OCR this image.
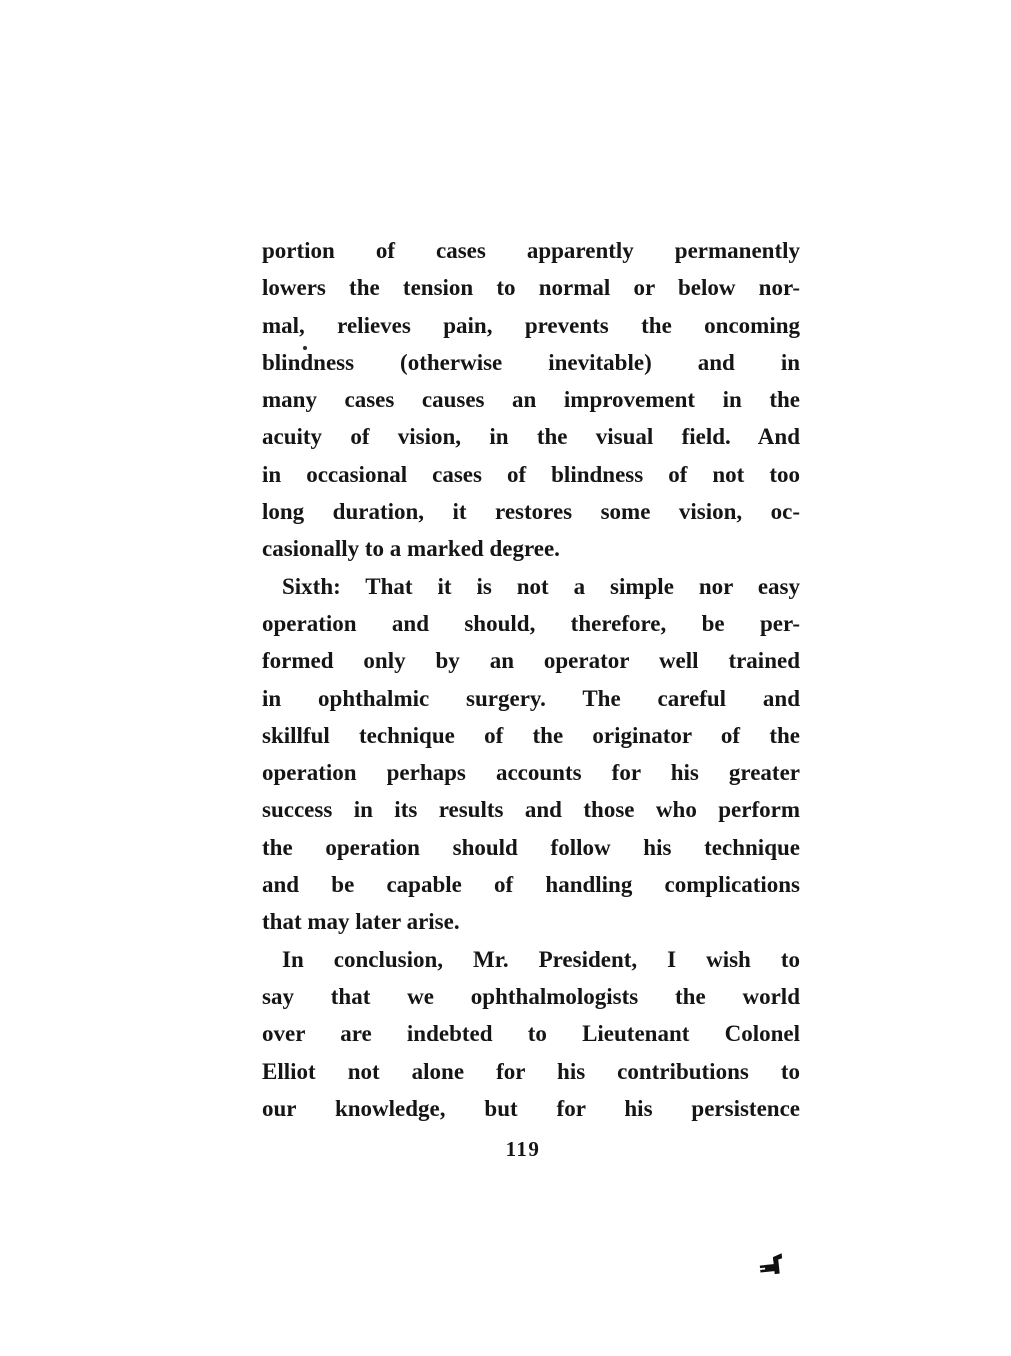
portion of cases apparently permanently
lowers the tension to normal or below nor-
mal, relieves pain, prevents the oncoming
blindness (otherwise inevitable) and in
many cases causes an improvement in the
acuity of vision, in the visual field. And
in occasional cases of blindness of not too
long duration, it restores some vision, oc-
casionally to a marked degree.
Sixth: That it is not a simple nor easy
operation and should, therefore, be per-
formed only by an operator well trained
in ophthalmic surgery. The careful and
skillful technique of the originator of the
operation perhaps accounts for his greater
success in its results and those who perform
the operation should follow his technique
and be capable of handling complications
that may later arise.
In conclusion, Mr. President, I wish to
say that we ophthalmologists the world
over are indebted to Lieutenant Colonel
Elliot not alone for his contributions to
our knowledge, but for his persistence
119
